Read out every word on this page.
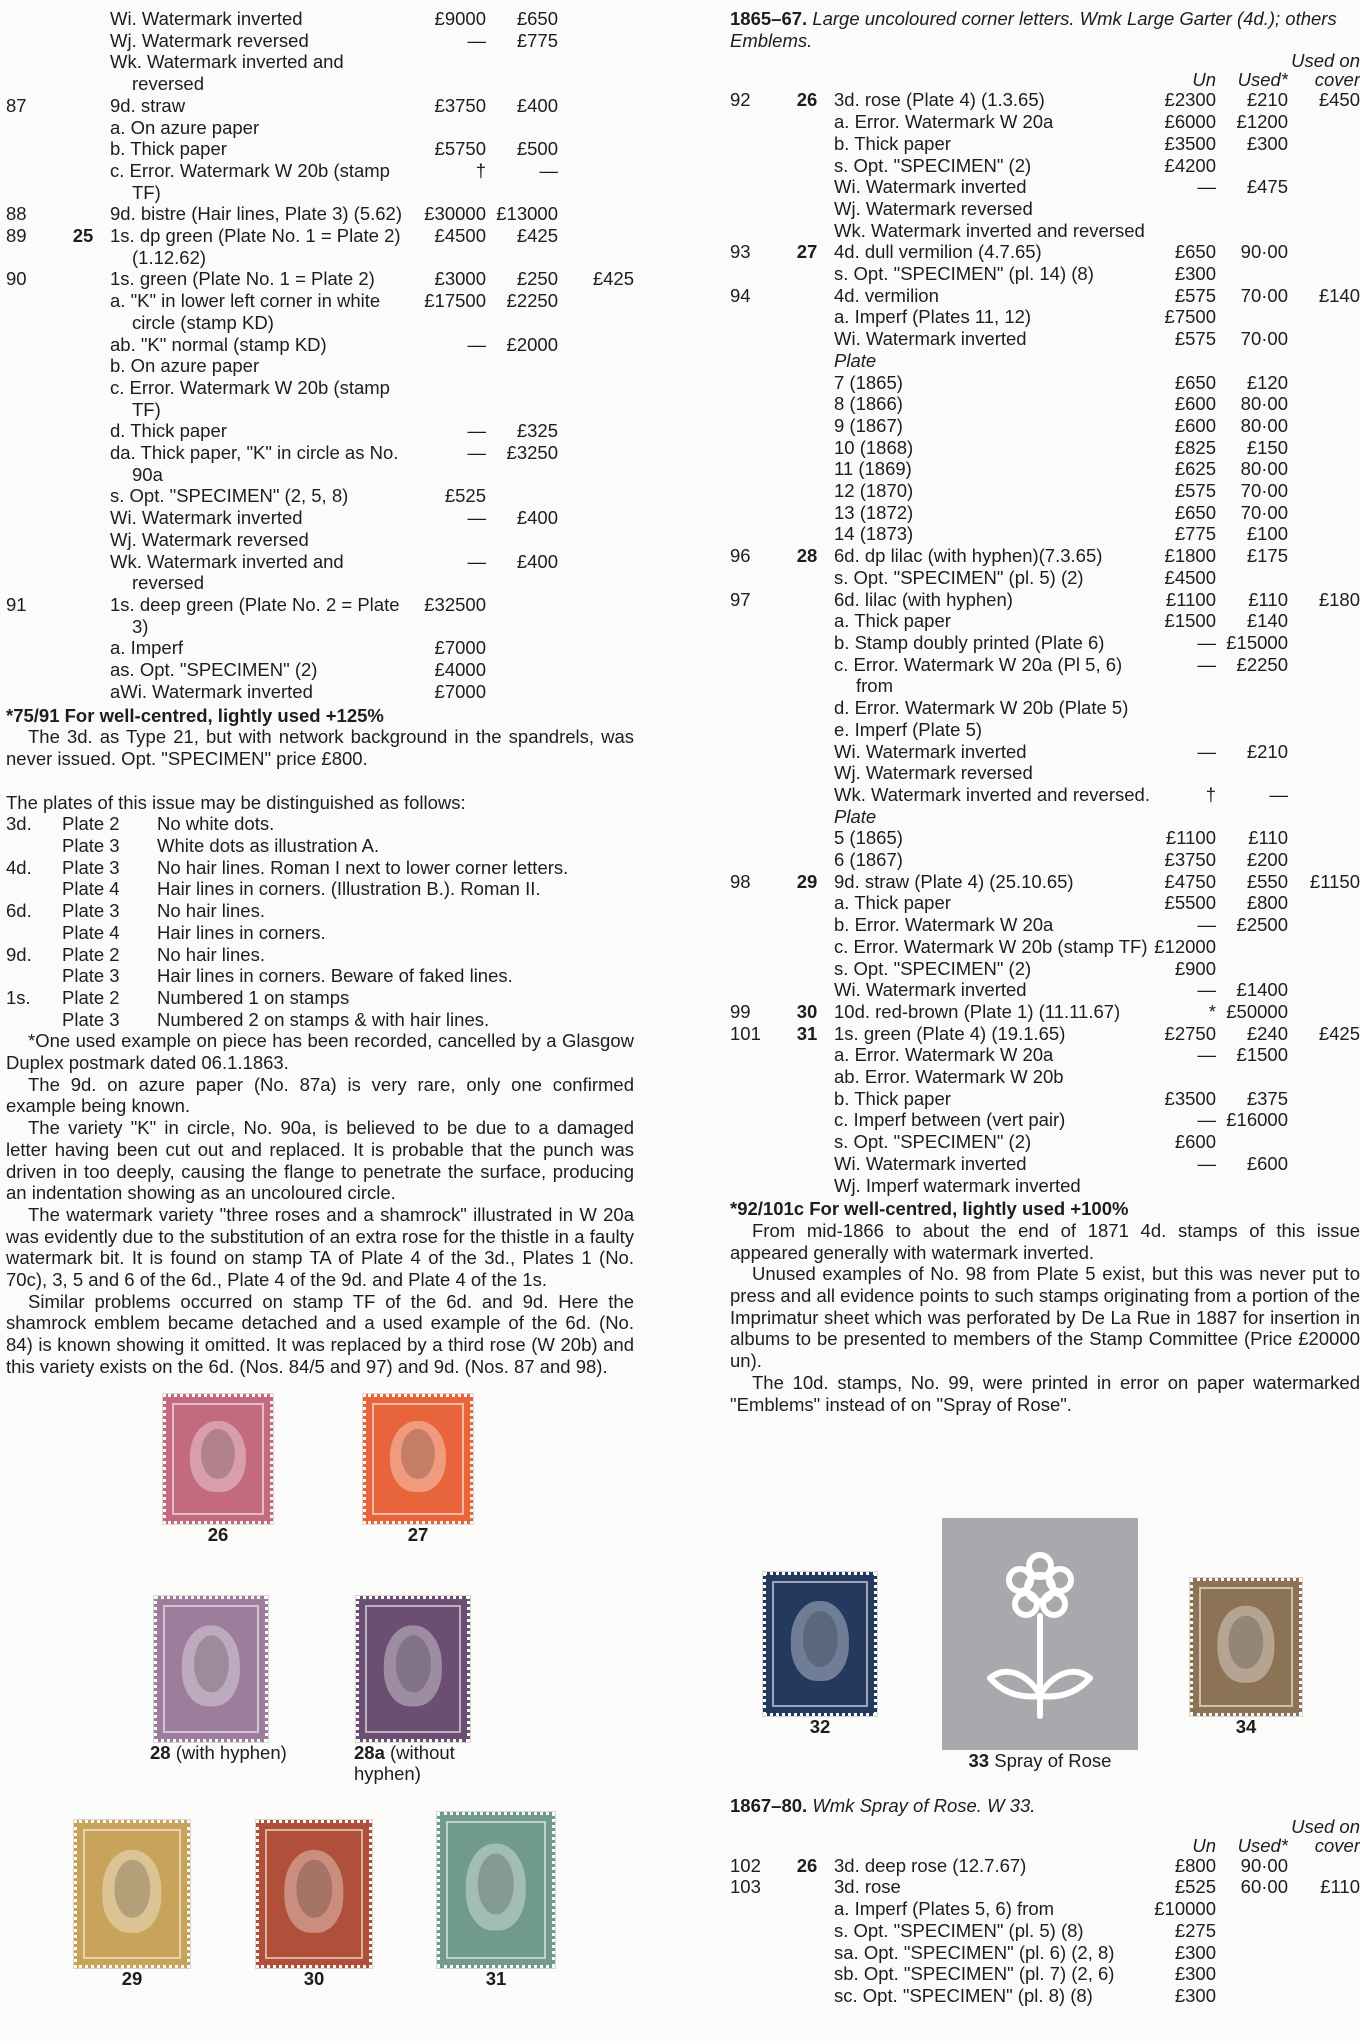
		Wi. Watermark inverted	£9000	£650	
		Wj. Watermark reversed	—	£775	
		Wk. Watermark inverted and reversed			
87		9d. straw	£3750	£400	
		a. On azure paper			
		b. Thick paper	£5750	£500	
		c. Error. Watermark W 20b (stamp TF)	†	—	
88		9d. bistre (Hair lines, Plate 3) (5.62)	£30000	£13000	
89	25	1s. dp green (Plate No. 1 = Plate 2) (1.12.62)	£4500	£425	
90		1s. green (Plate No. 1 = Plate 2)	£3000	£250	£425
		a. "K" in lower left corner in white circle (stamp KD)	£17500	£2250	
		ab. "K" normal (stamp KD)	—	£2000	
		b. On azure paper			
		c. Error. Watermark W 20b (stamp TF)			
		d. Thick paper	—	£325	
		da. Thick paper, "K" in circle as No. 90a	—	£3250	
		s. Opt. "SPECIMEN" (2, 5, 8)	£525		
		Wi. Watermark inverted	—	£400	
		Wj. Watermark reversed			
		Wk. Watermark inverted and reversed	—	£400	
91		1s. deep green (Plate No. 2 = Plate 3)	£32500		
		a. Imperf	£7000		
		as. Opt. "SPECIMEN" (2)	£4000		
		aWi. Watermark inverted	£7000		

*75/91 For well-centred, lightly used +125%

The 3d. as Type 21, but with network background in the spandrels, was never issued. Opt. "SPECIMEN" price £800.

The plates of this issue may be distinguished as follows:

3d.	Plate 2	No white dots.
	Plate 3	White dots as illustration A.
4d.	Plate 3	No hair lines. Roman I next to lower corner letters.
	Plate 4	Hair lines in corners. (Illustration B.). Roman II.
6d.	Plate 3	No hair lines.
	Plate 4	Hair lines in corners.
9d.	Plate 2	No hair lines.
	Plate 3	Hair lines in corners. Beware of faked lines.
1s.	Plate 2	Numbered 1 on stamps
	Plate 3	Numbered 2 on stamps & with hair lines.

*One used example on piece has been recorded, cancelled by a Glasgow Duplex postmark dated 06.1.1863.

The 9d. on azure paper (No. 87a) is very rare, only one confirmed example being known.

The variety "K" in circle, No. 90a, is believed to be due to a damaged letter having been cut out and replaced. It is probable that the punch was driven in too deeply, causing the flange to penetrate the surface, producing an indentation showing as an uncoloured circle.

The watermark variety "three roses and a shamrock" illustrated in W 20a was evidently due to the substitution of an extra rose for the thistle in a faulty watermark bit. It is found on stamp TA of Plate 4 of the 3d., Plates 1 (No. 70c), 3, 5 and 6 of the 6d., Plate 4 of the 9d. and Plate 4 of the 1s.

Similar problems occurred on stamp TF of the 6d. and 9d. Here the shamrock emblem became detached and a used example of the 6d. (No. 84) is known showing it omitted. It was replaced by a third rose (W 20b) and this variety exists on the 6d. (Nos. 84/5 and 97) and 9d. (Nos. 87 and 98).

26	27
28 (with hyphen)	28a (without hyphen)
29	30	31

1865–67. Large uncoloured corner letters. Wmk Large Garter (4d.); others Emblems.

					Used on
			Un	Used*	cover
92	26	3d. rose (Plate 4) (1.3.65)	£2300	£210	£450
		a. Error. Watermark W 20a	£6000	£1200	
		b. Thick paper	£3500	£300	
		s. Opt. "SPECIMEN" (2)	£4200		
		Wi. Watermark inverted	—	£475	
		Wj. Watermark reversed			
		Wk. Watermark inverted and reversed			
93	27	4d. dull vermilion (4.7.65)	£650	90·00	
		s. Opt. "SPECIMEN" (pl. 14) (8)	£300		
94		4d. vermilion	£575	70·00	£140
		a. Imperf (Plates 11, 12)	£7500		
		Wi. Watermark inverted	£575	70·00	
		Plate			
		7 (1865)	£650	£120	
		8 (1866)	£600	80·00	
		9 (1867)	£600	80·00	
		10 (1868)	£825	£150	
		11 (1869)	£625	80·00	
		12 (1870)	£575	70·00	
		13 (1872)	£650	70·00	
		14 (1873)	£775	£100	
96	28	6d. dp lilac (with hyphen)(7.3.65)	£1800	£175	
		s. Opt. "SPECIMEN" (pl. 5) (2)	£4500		
97		6d. lilac (with hyphen)	£1100	£110	£180
		a. Thick paper	£1500	£140	
		b. Stamp doubly printed (Plate 6)	—	£15000	
		c. Error. Watermark W 20a (Pl 5, 6) from	—	£2250	
		d. Error. Watermark W 20b (Plate 5)			
		e. Imperf (Plate 5)			
		Wi. Watermark inverted	—	£210	
		Wj. Watermark reversed			
		Wk. Watermark inverted and reversed.	†	—	
		Plate			
		5 (1865)	£1100	£110	
		6 (1867)	£3750	£200	
98	29	9d. straw (Plate 4) (25.10.65)	£4750	£550	£1150
		a. Thick paper	£5500	£800	
		b. Error. Watermark W 20a	—	£2500	
		c. Error. Watermark W 20b (stamp TF)	£12000		
		s. Opt. "SPECIMEN" (2)	£900		
		Wi. Watermark inverted	—	£1400	
99	30	10d. red-brown (Plate 1) (11.11.67)	*	£50000	
101	31	1s. green (Plate 4) (19.1.65)	£2750	£240	£425
		a. Error. Watermark W 20a	—	£1500	
		ab. Error. Watermark W 20b			
		b. Thick paper	£3500	£375	
		c. Imperf between (vert pair)	—	£16000	
		s. Opt. "SPECIMEN" (2)	£600		
		Wi. Watermark inverted	—	£600	
		Wj. Imperf watermark inverted			

*92/101c For well-centred, lightly used +100%

From mid-1866 to about the end of 1871 4d. stamps of this issue appeared generally with watermark inverted.

Unused examples of No. 98 from Plate 5 exist, but this was never put to press and all evidence points to such stamps originating from a portion of the Imprimatur sheet which was perforated by De La Rue in 1887 for insertion in albums to be presented to members of the Stamp Committee (Price £20000 un).

The 10d. stamps, No. 99, were printed in error on paper watermarked "Emblems" instead of on "Spray of Rose".

32
33 Spray of Rose
34

1867–80. Wmk Spray of Rose. W 33.

					Used on
			Un	Used*	cover
102	26	3d. deep rose (12.7.67)	£800	90·00	
103		3d. rose	£525	60·00	£110
		a. Imperf (Plates 5, 6) from	£10000		
		s. Opt. "SPECIMEN" (pl. 5) (8)	£275		
		sa. Opt. "SPECIMEN" (pl. 6) (2, 8)	£300		
		sb. Opt. "SPECIMEN" (pl. 7) (2, 6)	£300		
		sc. Opt. "SPECIMEN" (pl. 8) (8)	£300		
